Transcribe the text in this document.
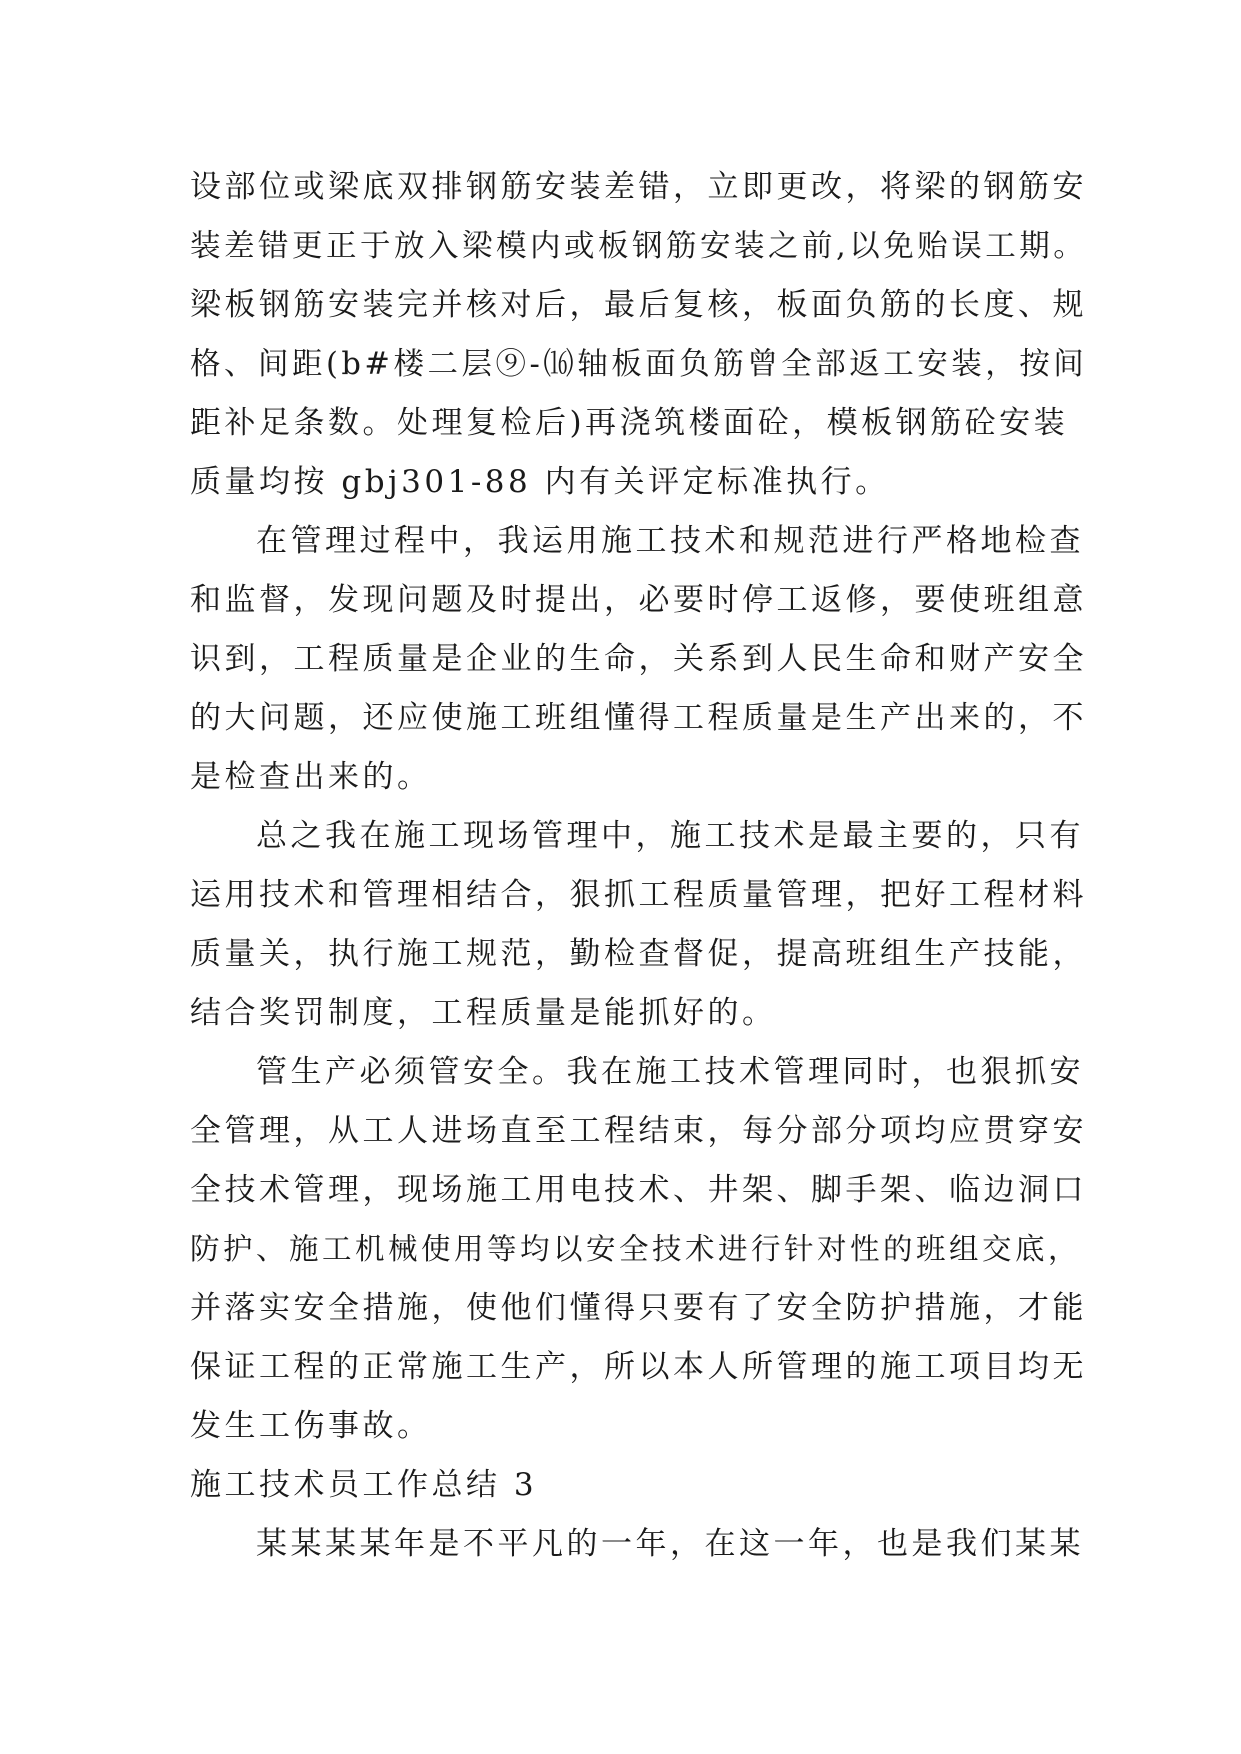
设部位或梁底双排钢筋安装差错，立即更改，将梁的钢筋安
装差错更正于放入梁模内或板钢筋安装之前,以免贻误工期。
梁板钢筋安装完并核对后，最后复核，板面负筋的长度、规
格、间距(b#楼二层⑨-⒃轴板面负筋曾全部返工安装，按间
距补足条数。处理复检后)再浇筑楼面砼，模板钢筋砼安装
质量均按 gbj301-88 内有关评定标准执行。
在管理过程中，我运用施工技术和规范进行严格地检查
和监督，发现问题及时提出，必要时停工返修，要使班组意
识到，工程质量是企业的生命，关系到人民生命和财产安全
的大问题，还应使施工班组懂得工程质量是生产出来的，不
是检查出来的。
总之我在施工现场管理中，施工技术是最主要的，只有
运用技术和管理相结合，狠抓工程质量管理，把好工程材料
质量关，执行施工规范，勤检查督促，提高班组生产技能，
结合奖罚制度，工程质量是能抓好的。
管生产必须管安全。我在施工技术管理同时，也狠抓安
全管理，从工人进场直至工程结束，每分部分项均应贯穿安
全技术管理，现场施工用电技术、井架、脚手架、临边洞口
防护、施工机械使用等均以安全技术进行针对性的班组交底，
并落实安全措施，使他们懂得只要有了安全防护措施，才能
保证工程的正常施工生产，所以本人所管理的施工项目均无
发生工伤事故。
施工技术员工作总结 3
某某某某年是不平凡的一年，在这一年，也是我们某某
